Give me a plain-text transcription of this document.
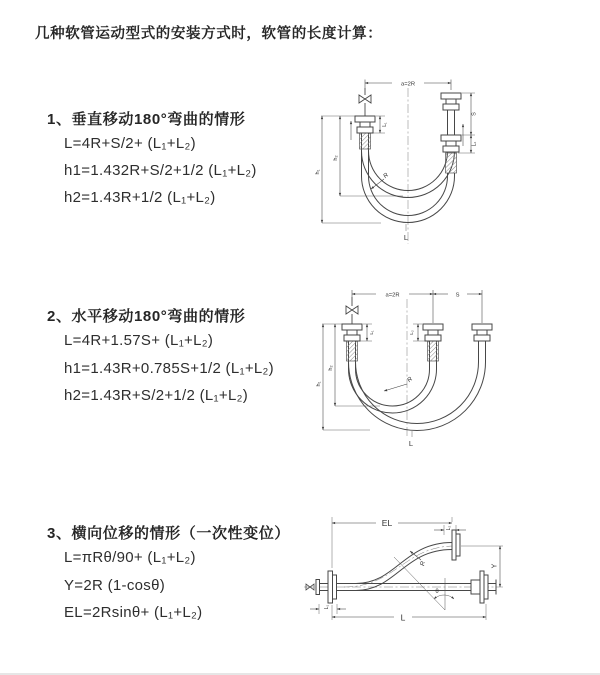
几种软管运动型式的安装方式时，软管的长度计算：
1、垂直移动180°弯曲的情形
L=4R+S/2+ (L₁+L₂)
h1=1.432R+S/2+1/2 (L₁+L₂)
h2=1.43R+1/2 (L₁+L₂)
2、水平移动180°弯曲的情形
L=4R+1.57S+ (L₁+L₂)
h1=1.43R+0.785S+1/2 (L₁+L₂)
h2=1.43R+S/2+1/2 (L₁+L₂)
3、横向位移的情形（一次性变位）
L=πRθ/90+ (L₁+L₂)
Y=2R (1-cosθ)
EL=2Rsinθ+ (L₁+L₂)
a=2R
h₂
h₁
L₁
S
L₂
R
L
a=2R	S
h₂
h₁
L₁	L₂
R
L
EL	L₂
Y
R
θ
L
L₁
